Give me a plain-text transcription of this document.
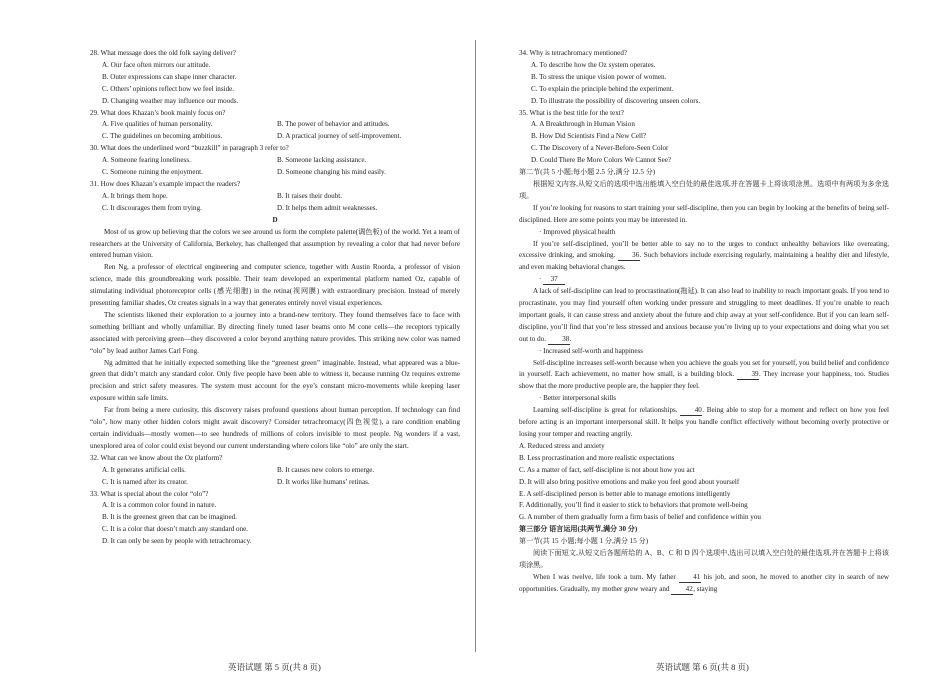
28. What message does the old folk saying deliver?

A. Our face often mirrors our attitude.

B. Outer expressions can shape inner character.

C. Others’ opinions reflect how we feel inside.

D. Changing weather may influence our moods.

29. What does Khazan’s book mainly focus on?

A. Five qualities of human personality.	B. The power of behavior and attitudes.
C. The guidelines on becoming ambitious.	D. A practical journey of self-improvement.

30. What does the underlined word “buzzkill” in paragraph 3 refer to?

A. Someone fearing loneliness.	B. Someone lacking assistance.
C. Someone ruining the enjoyment.	D. Someone changing his mind easily.

31. How does Khazan’s example impact the readers?

A. It brings them hope.	B. It raises their doubt.
C. It discourages them from trying.	D. It helps them admit weaknesses.

D

Most of us grow up believing that the colors we see around us form the complete palette(调色板) of the world. Yet a team of researchers at the University of California, Berkeley, has challenged that assumption by revealing a color that had never before entered human vision.

Ren Ng, a professor of electrical engineering and computer science, together with Austin Roorda, a professor of vision science, made this groundbreaking work possible. Their team developed an experimental platform named Oz, capable of stimulating individual photoreceptor cells (感光细胞) in the retina(视网膜) with extraordinary precision. Instead of merely presenting familiar shades, Oz creates signals in a way that generates entirely novel visual experiences.

The scientists likened their exploration to a journey into a brand-new territory. They found themselves face to face with something brilliant and wholly unfamiliar. By directing finely tuned laser beams onto M cone cells—the receptors typically associated with perceiving green—they discovered a color beyond anything nature provides. This striking new color was named “olo” by lead author James Carl Fong.

Ng admitted that he initially expected something like the “greenest green” imaginable. Instead, what appeared was a blue-green that didn’t match any standard color. Only five people have been able to witness it, because running Oz requires extreme precision and strict safety measures. The system must account for the eye’s constant micro-movements while keeping laser exposure within safe limits.

Far from being a mere curiosity, this discovery raises profound questions about human perception. If technology can find “olo”, how many other hidden colors might await discovery? Consider tetrachromacy(四色视觉), a rare condition enabling certain individuals—mostly women—to see hundreds of millions of colors invisible to most people. Ng wonders if a vast, unexplored area of color could exist beyond our current understanding where colors like “olo” are only the start.

32. What can we know about the Oz platform?

A. It generates artificial cells.	B. It causes new colors to emerge.
C. It is named after its creator.	D. It works like humans’ retinas.

33. What is special about the color “olo”?

A. It is a common color found in nature.

B. It is the greenest green that can be imagined.

C. It is a color that doesn’t match any standard one.

D. It can only be seen by people with tetrachromacy.

34. Why is tetrachromacy mentioned?

A. To describe how the Oz system operates.

B. To stress the unique vision power of women.

C. To explain the principle behind the experiment.

D. To illustrate the possibility of discovering unseen colors.

35. What is the best title for the text?

A. A Breakthrough in Human Vision

B. How Did Scientists Find a New Cell?

C. The Discovery of a Never-Before-Seen Color

D. Could There Be More Colors We Cannot See?

第二节(共 5 小题;每小题 2.5 分,满分 12.5 分)

根据短文内容,从短文后的选项中选出能填入空白处的最佳选项,并在答题卡上将该项涂黑。选项中有两项为多余选项。

If you’re looking for reasons to start training your self-discipline, then you can begin by looking at the benefits of being self-disciplined. Here are some points you may be interested in.

· Improved physical health

If you’re self-disciplined, you’ll be better able to say no to the urges to conduct unhealthy behaviors like overeating, excessive drinking, and smoking. 36. Such behaviors include exercising regularly, maintaining a healthy diet and lifestyle, and even making behavioral changes.

· 37

A lack of self-discipline can lead to procrastination(拖延). It can also lead to inability to reach important goals. If you tend to procrastinate, you may find yourself often working under pressure and struggling to meet deadlines. If you’re unable to reach important goals, it can cause stress and anxiety about the future and chip away at your self-confidence. But if you can learn self-discipline, you’ll find that you’re less stressed and anxious because you’re living up to your expectations and doing what you set out to do. 38.

· Increased self-worth and happiness

Self-discipline increases self-worth because when you achieve the goals you set for yourself, you build belief and confidence in yourself. Each achievement, no matter how small, is a building block. 39. They increase your happiness, too. Studies show that the more productive people are, the happier they feel.

· Better interpersonal skills

Learning self-discipline is great for relationships. 40. Being able to stop for a moment and reflect on how you feel before acting is an important interpersonal skill. It helps you handle conflict effectively without becoming overly protective or losing your temper and reacting angrily.

A. Reduced stress and anxiety

B. Less procrastination and more realistic expectations

C. As a matter of fact, self-discipline is not about how you act

D. It will also bring positive emotions and make you feel good about yourself

E. A self-disciplined person is better able to manage emotions intelligently

F. Additionally, you’ll find it easier to stick to behaviors that promote well-being

G. A number of them gradually form a firm basis of belief and confidence within you

第三部分 语言运用(共两节,满分 30 分)

第一节(共 15 小题;每小题 1 分,满分 15 分)

阅读下面短文,从短文后各题所给的 A、B、C 和 D 四个选项中,选出可以填入空白处的最佳选项,并在答题卡上将该项涂黑。

When I was twelve, life took a turn. My father 41 his job, and soon, he moved to another city in search of new opportunities. Gradually, my mother grew weary and 42, staying

英语试题 第 5 页(共 8 页)	英语试题 第 6 页(共 8 页)
